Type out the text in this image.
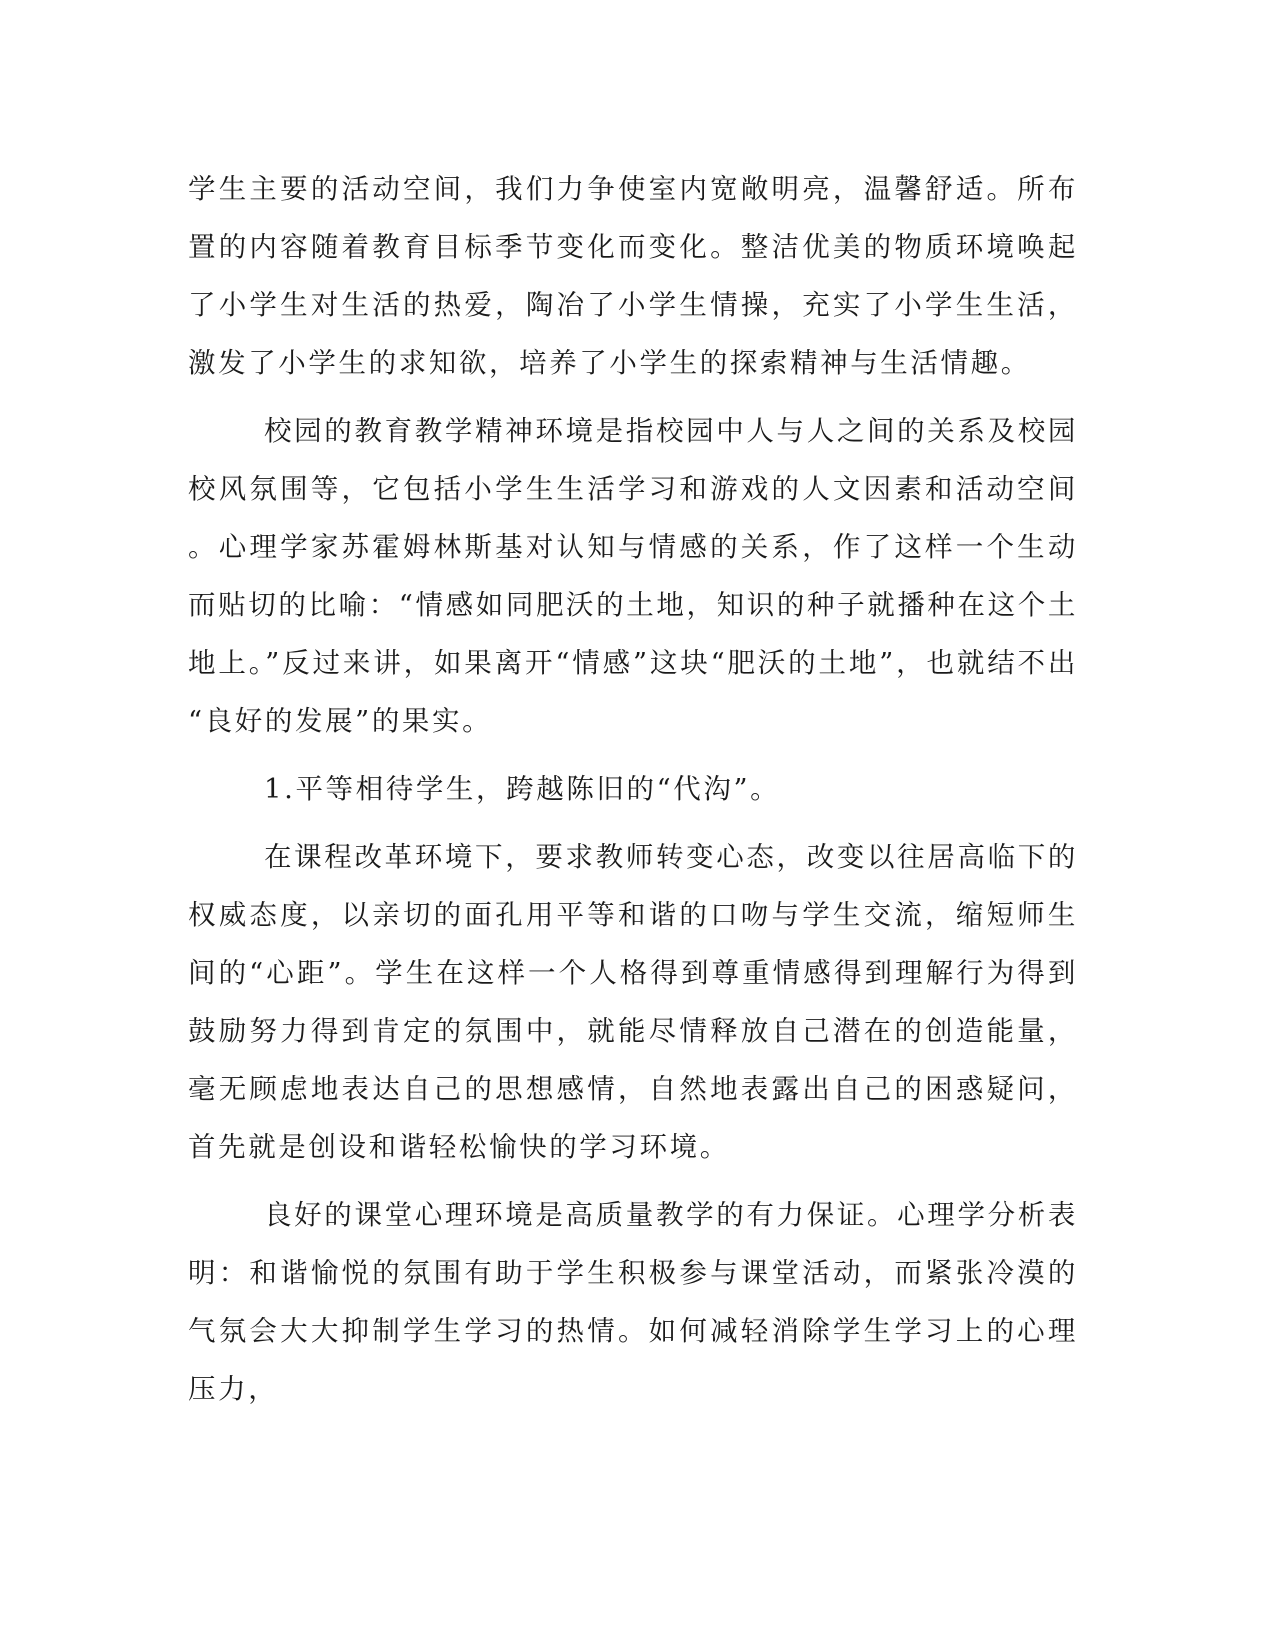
学生主要的活动空间，我们力争使室内宽敞明亮，温馨舒适。所布置的内容随着教育目标季节变化而变化。整洁优美的物质环境唤起了小学生对生活的热爱，陶冶了小学生情操，充实了小学生生活，激发了小学生的求知欲，培养了小学生的探索精神与生活情趣。

校园的教育教学精神环境是指校园中人与人之间的关系及校园校风氛围等，它包括小学生生活学习和游戏的人文因素和活动空间。心理学家苏霍姆林斯基对认知与情感的关系，作了这样一个生动而贴切的比喻：“情感如同肥沃的土地，知识的种子就播种在这个土地上。”反过来讲，如果离开“情感”这块“肥沃的土地”，也就结不出“良好的发展”的果实。

1.平等相待学生，跨越陈旧的“代沟”。

在课程改革环境下，要求教师转变心态，改变以往居高临下的权威态度，以亲切的面孔用平等和谐的口吻与学生交流，缩短师生间的“心距”。学生在这样一个人格得到尊重情感得到理解行为得到鼓励努力得到肯定的氛围中，就能尽情释放自己潜在的创造能量，毫无顾虑地表达自己的思想感情，自然地表露出自己的困惑疑问，首先就是创设和谐轻松愉快的学习环境。

良好的课堂心理环境是高质量教学的有力保证。心理学分析表明：和谐愉悦的氛围有助于学生积极参与课堂活动，而紧张冷漠的气氛会大大抑制学生学习的热情。如何减轻消除学生学习上的心理压力，
